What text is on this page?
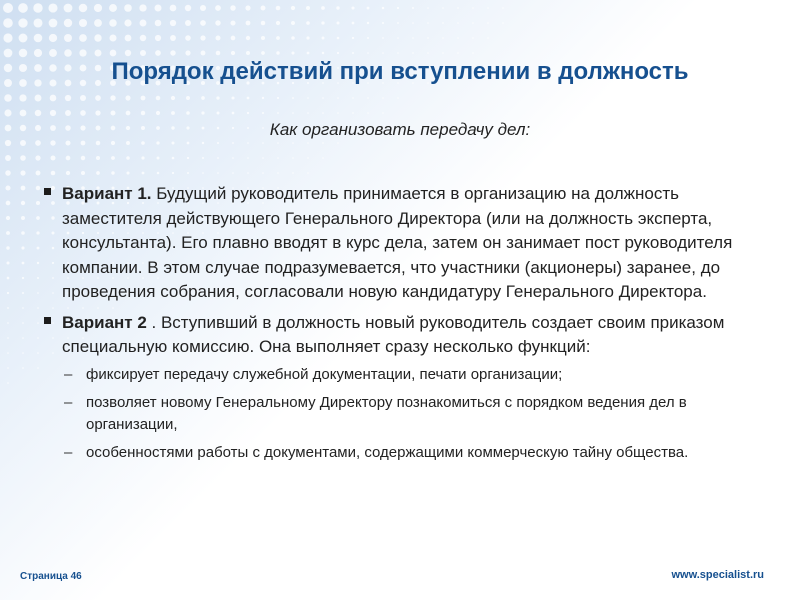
Порядок действий при вступлении в должность
Как организовать передачу дел:
Вариант 1. Будущий руководитель принимается в организацию на должность заместителя действующего Генерального Директора (или на должность эксперта, консультанта). Его плавно вводят в курс дела, затем он занимает пост руководителя компании. В этом случае подразумевается, что участники (акционеры) заранее, до проведения собрания, согласовали новую кандидатуру Генерального Директора.
Вариант 2 . Вступивший в должность новый руководитель создает своим приказом специальную комиссию. Она выполняет сразу несколько функций:
– фиксирует передачу служебной документации, печати организации;
– позволяет новому Генеральному Директору познакомиться с порядком ведения дел в организации,
– особенностями работы с документами, содержащими коммерческую тайну общества.
Страница 46	www.specialist.ru
